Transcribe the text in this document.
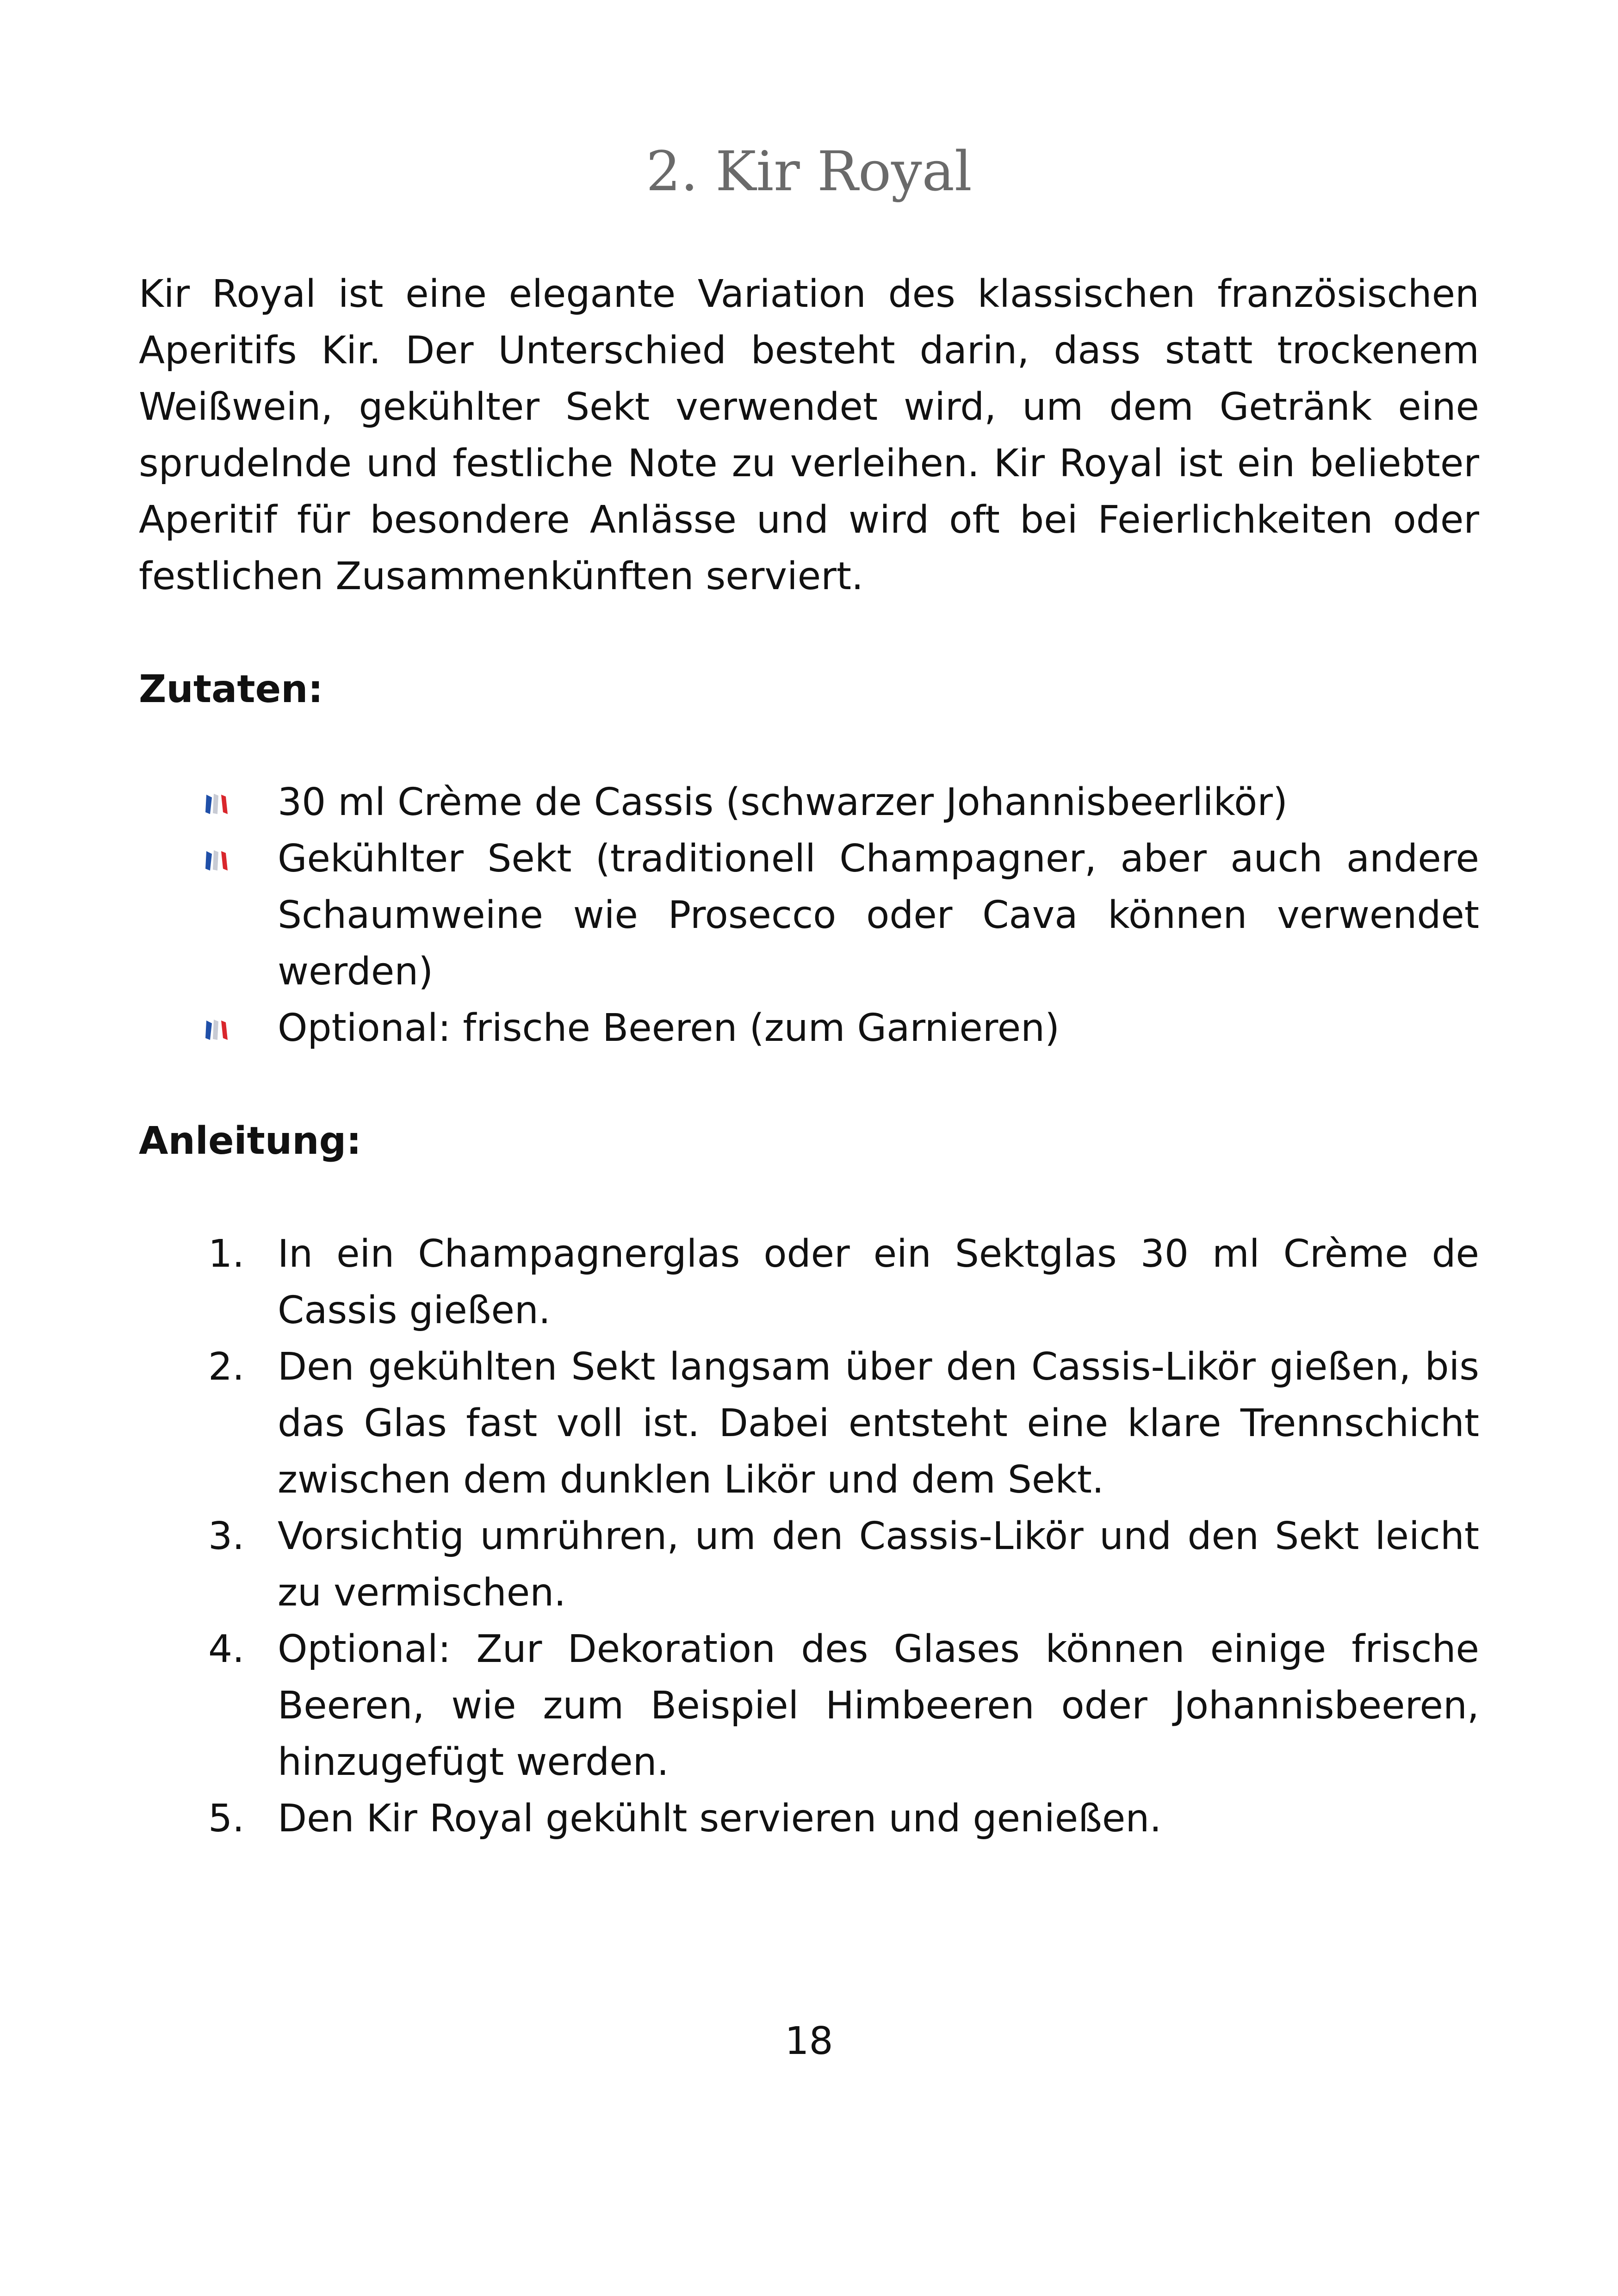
2. Kir Royal

Kir Royal ist eine elegante Variation des klassischen französischen Aperitifs Kir. Der Unterschied besteht darin, dass statt trockenem Weißwein, gekühlter Sekt verwendet wird, um dem Getränk eine sprudelnde und festliche Note zu verleihen. Kir Royal ist ein beliebter Aperitif für besondere Anlässe und wird oft bei Feierlichkeiten oder festlichen Zusammenkünften serviert.

Zutaten:
30 ml Crème de Cassis (schwarzer Johannisbeerlikör)
Gekühlter Sekt (traditionell Champagner, aber auch andere Schaumweine wie Prosecco oder Cava können verwendet werden)
Optional: frische Beeren (zum Garnieren)
Anleitung:
1. In ein Champagnerglas oder ein Sektglas 30 ml Crème de Cassis gießen.
2. Den gekühlten Sekt langsam über den Cassis-Likör gießen, bis das Glas fast voll ist. Dabei entsteht eine klare Trennschicht zwischen dem dunklen Likör und dem Sekt.
3. Vorsichtig umrühren, um den Cassis-Likör und den Sekt leicht zu vermischen.
4. Optional: Zur Dekoration des Glases können einige frische Beeren, wie zum Beispiel Himbeeren oder Johannisbeeren, hinzugefügt werden.
5. Den Kir Royal gekühlt servieren und genießen.
18
